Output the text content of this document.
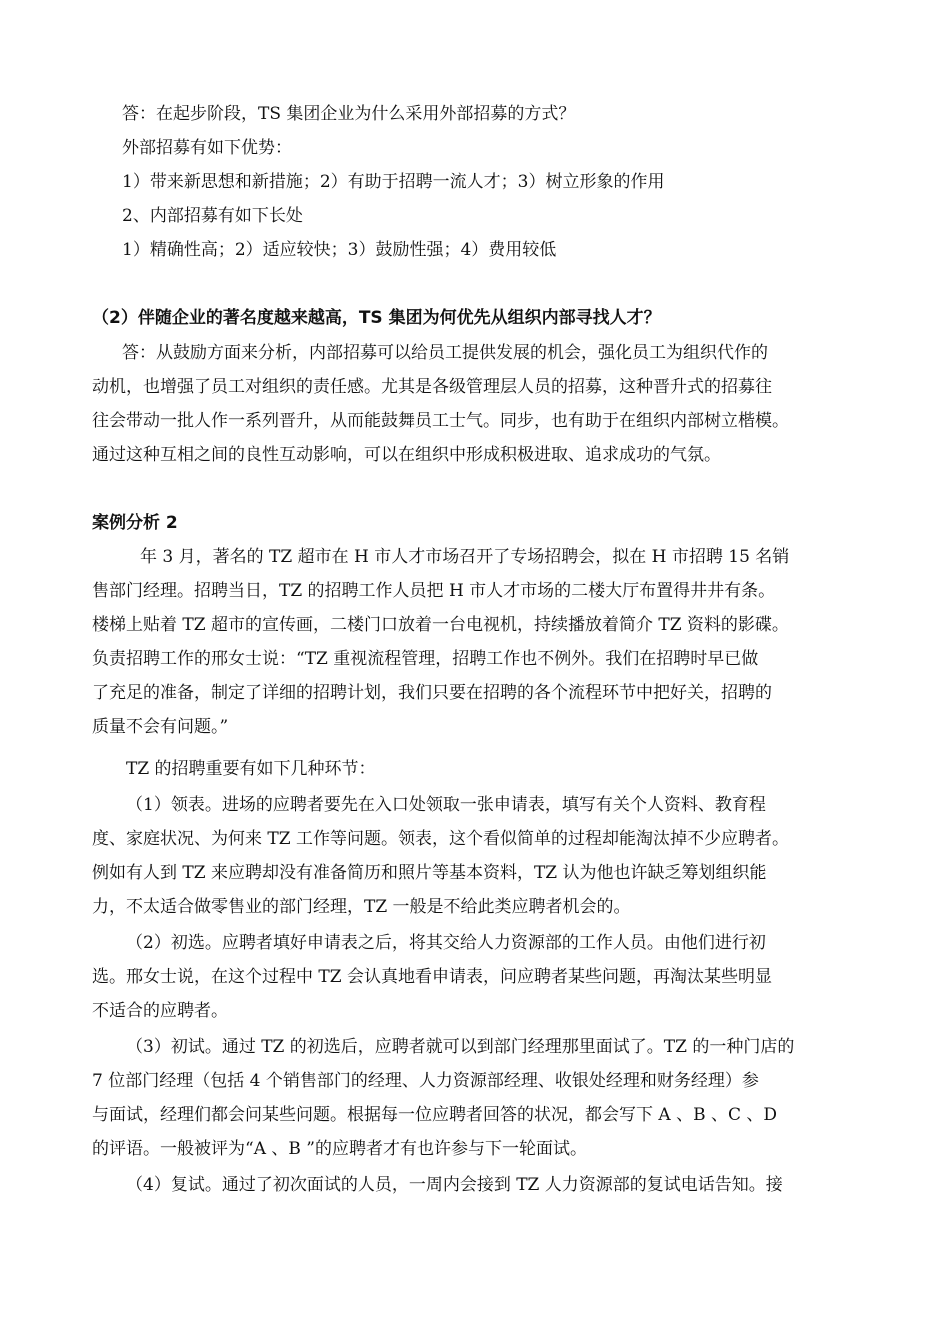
答：在起步阶段，TS 集团企业为什么采用外部招募的方式？
外部招募有如下优势：
1）带来新思想和新措施；2）有助于招聘一流人才；3）树立形象的作用
2、内部招募有如下长处
1）精确性高；2）适应较快；3）鼓励性强；4）费用较低
（2）伴随企业的著名度越来越高，TS 集团为何优先从组织内部寻找人才？
答：从鼓励方面来分析，内部招募可以给员工提供发展的机会，强化员工为组织代作的
动机，也增强了员工对组织的责任感。尤其是各级管理层人员的招募，这种晋升式的招募往
往会带动一批人作一系列晋升，从而能鼓舞员工士气。同步，也有助于在组织内部树立楷模。
通过这种互相之间的良性互动影响，可以在组织中形成积极进取、追求成功的气氛。
案例分析 2
年 3 月，著名的 TZ 超市在 H 市人才市场召开了专场招聘会，拟在 H 市招聘 15 名销
售部门经理。招聘当日，TZ 的招聘工作人员把 H 市人才市场的二楼大厅布置得井井有条。
楼梯上贴着 TZ 超市的宣传画，二楼门口放着一台电视机，持续播放着简介 TZ 资料的影碟。
负责招聘工作的邢女士说：“TZ 重视流程管理，招聘工作也不例外。我们在招聘时早已做
了充足的准备，制定了详细的招聘计划，我们只要在招聘的各个流程环节中把好关，招聘的
质量不会有问题。”
TZ 的招聘重要有如下几种环节：
（1）领表。进场的应聘者要先在入口处领取一张申请表，填写有关个人资料、教育程
度、家庭状况、为何来 TZ 工作等问题。领表，这个看似简单的过程却能淘汰掉不少应聘者。
例如有人到 TZ 来应聘却没有准备简历和照片等基本资料，TZ 认为他也许缺乏筹划组织能
力，不太适合做零售业的部门经理，TZ 一般是不给此类应聘者机会的。
（2）初选。应聘者填好申请表之后，将其交给人力资源部的工作人员。由他们进行初
选。邢女士说，在这个过程中 TZ 会认真地看申请表，问应聘者某些问题，再淘汰某些明显
不适合的应聘者。
（3）初试。通过 TZ 的初选后，应聘者就可以到部门经理那里面试了。TZ 的一种门店的
7 位部门经理（包括 4 个销售部门的经理、人力资源部经理、收银处经理和财务经理）参
与面试，经理们都会问某些问题。根据每一位应聘者回答的状况，都会写下 A 、B 、C 、D
的评语。一般被评为“A 、B ”的应聘者才有也许参与下一轮面试。
（4）复试。通过了初次面试的人员，一周内会接到 TZ 人力资源部的复试电话告知。接
